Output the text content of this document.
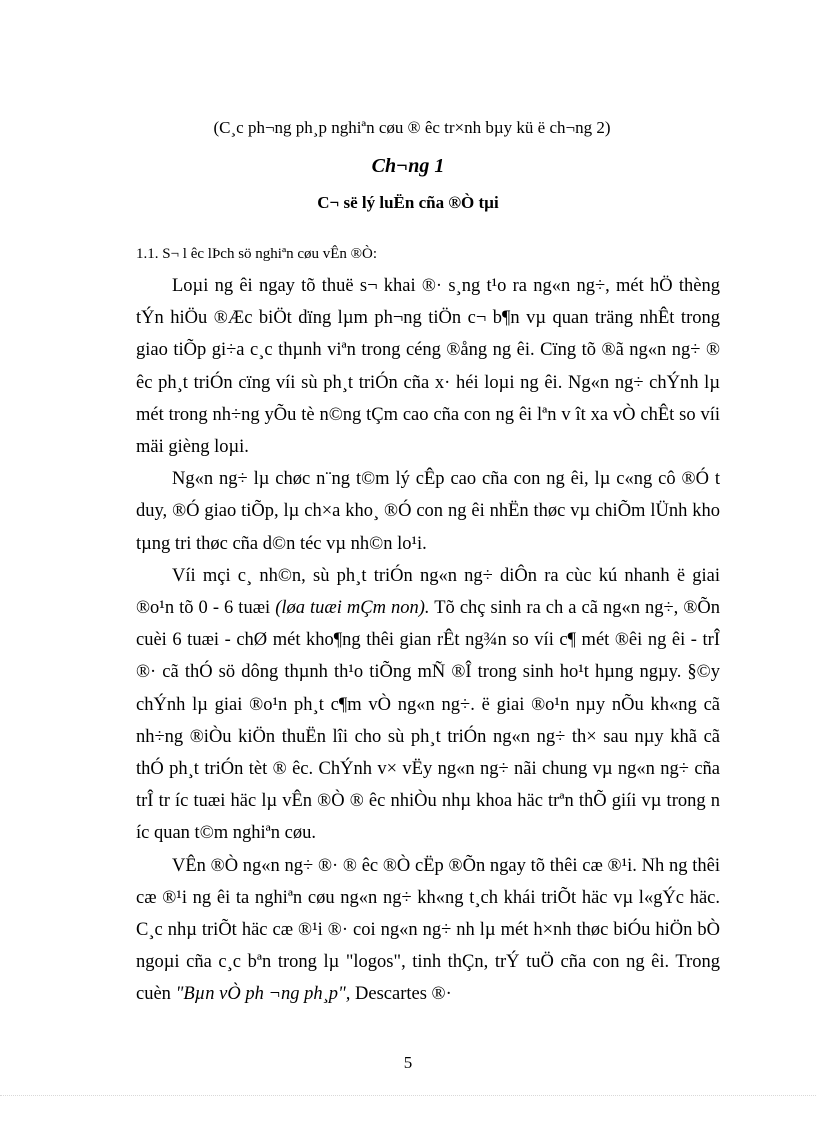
(C¸c ph¬ng ph¸p nghiªn cøu ® êc tr×nh bµy kü ë ch¬ng 2)
Ch¬ng 1
C¬ së lý luËn cña ®Ò tµi
1.1. S¬ l êc lÞch sö nghiªn cøu vÊn ®Ò:

Loµi ng êi ngay tõ thuë s¬ khai ®· s¸ng t¹o ra ng«n ng÷, mét hÖ thèng tÝn hiÖu ®Æc biÖt dïng lµm ph¬ng tiÖn c¬ b¶n vµ quan träng nhÊt trong giao tiÕp gi÷a c¸c thµnh viªn trong céng ®ång ng êi. Cïng tõ ®ã ng«n ng÷ ® êc ph¸t triÓn cïng víi sù ph¸t triÓn cña x· héi loµi ng êi. Ng«n ng÷ chÝnh lµ mét trong nh÷ng yÕu tè n©ng tÇm cao cña con ng êi lªn v ît xa vÒ chÊt so víi mäi gièng loµi.

Ng«n ng÷ lµ chøc n¨ng t©m lý cÊp cao cña con ng êi, lµ c«ng cô ®Ó t duy, ®Ó giao tiÕp, lµ ch×a kho¸ ®Ó con ng êi nhËn thøc vµ chiÕm lÜnh kho tµng tri thøc cña d©n téc vµ nh©n lo¹i.

Víi mçi c¸ nh©n, sù ph¸t triÓn ng«n ng÷ diÔn ra cùc kú nhanh ë giai ®o¹n tõ 0 - 6 tuæi (løa tuæi mÇm non). Tõ chç sinh ra ch a cã ng«n ng÷, ®Õn cuèi 6 tuæi - chØ mét kho¶ng thêi gian rÊt ng¾n so víi c¶ mét ®êi ng êi - trÎ ®· cã thÓ sö dông thµnh th¹o tiÕng mÑ ®Î trong sinh ho¹t hµng ngµy. §©y chÝnh lµ giai ®o¹n ph¸t c¶m vÒ ng«n ng÷. ë giai ®o¹n nµy nÕu kh«ng cã nh÷ng ®iÒu kiÖn thuËn lîi cho sù ph¸t triÓn ng«n ng÷ th× sau nµy khã cã thÓ ph¸t triÓn tèt ® êc. ChÝnh v× vËy ng«n ng÷ nãi chung vµ ng«n ng÷ cña trÎ tr íc tuæi häc lµ vÊn ®Ò ® êc nhiÒu nhµ khoa häc trªn thÕ giíi vµ trong n íc quan t©m nghiªn cøu.

VÊn ®Ò ng«n ng÷ ®· ® êc ®Ò cËp ®Õn ngay tõ thêi cæ ®¹i. Nh ng thêi cæ ®¹i ng êi ta nghiªn cøu ng«n ng÷ kh«ng t¸ch khái triÕt häc vµ l«gÝc häc. C¸c nhµ triÕt häc cæ ®¹i ®· coi ng«n ng÷ nh lµ mét h×nh thøc biÓu hiÖn bÒ ngoµi cña c¸c bªn trong lµ "logos", tinh thÇn, trÝ tuÖ cña con ng êi. Trong cuèn "Bµn vÒ ph ¬ng ph¸p", Descartes ®·

5
